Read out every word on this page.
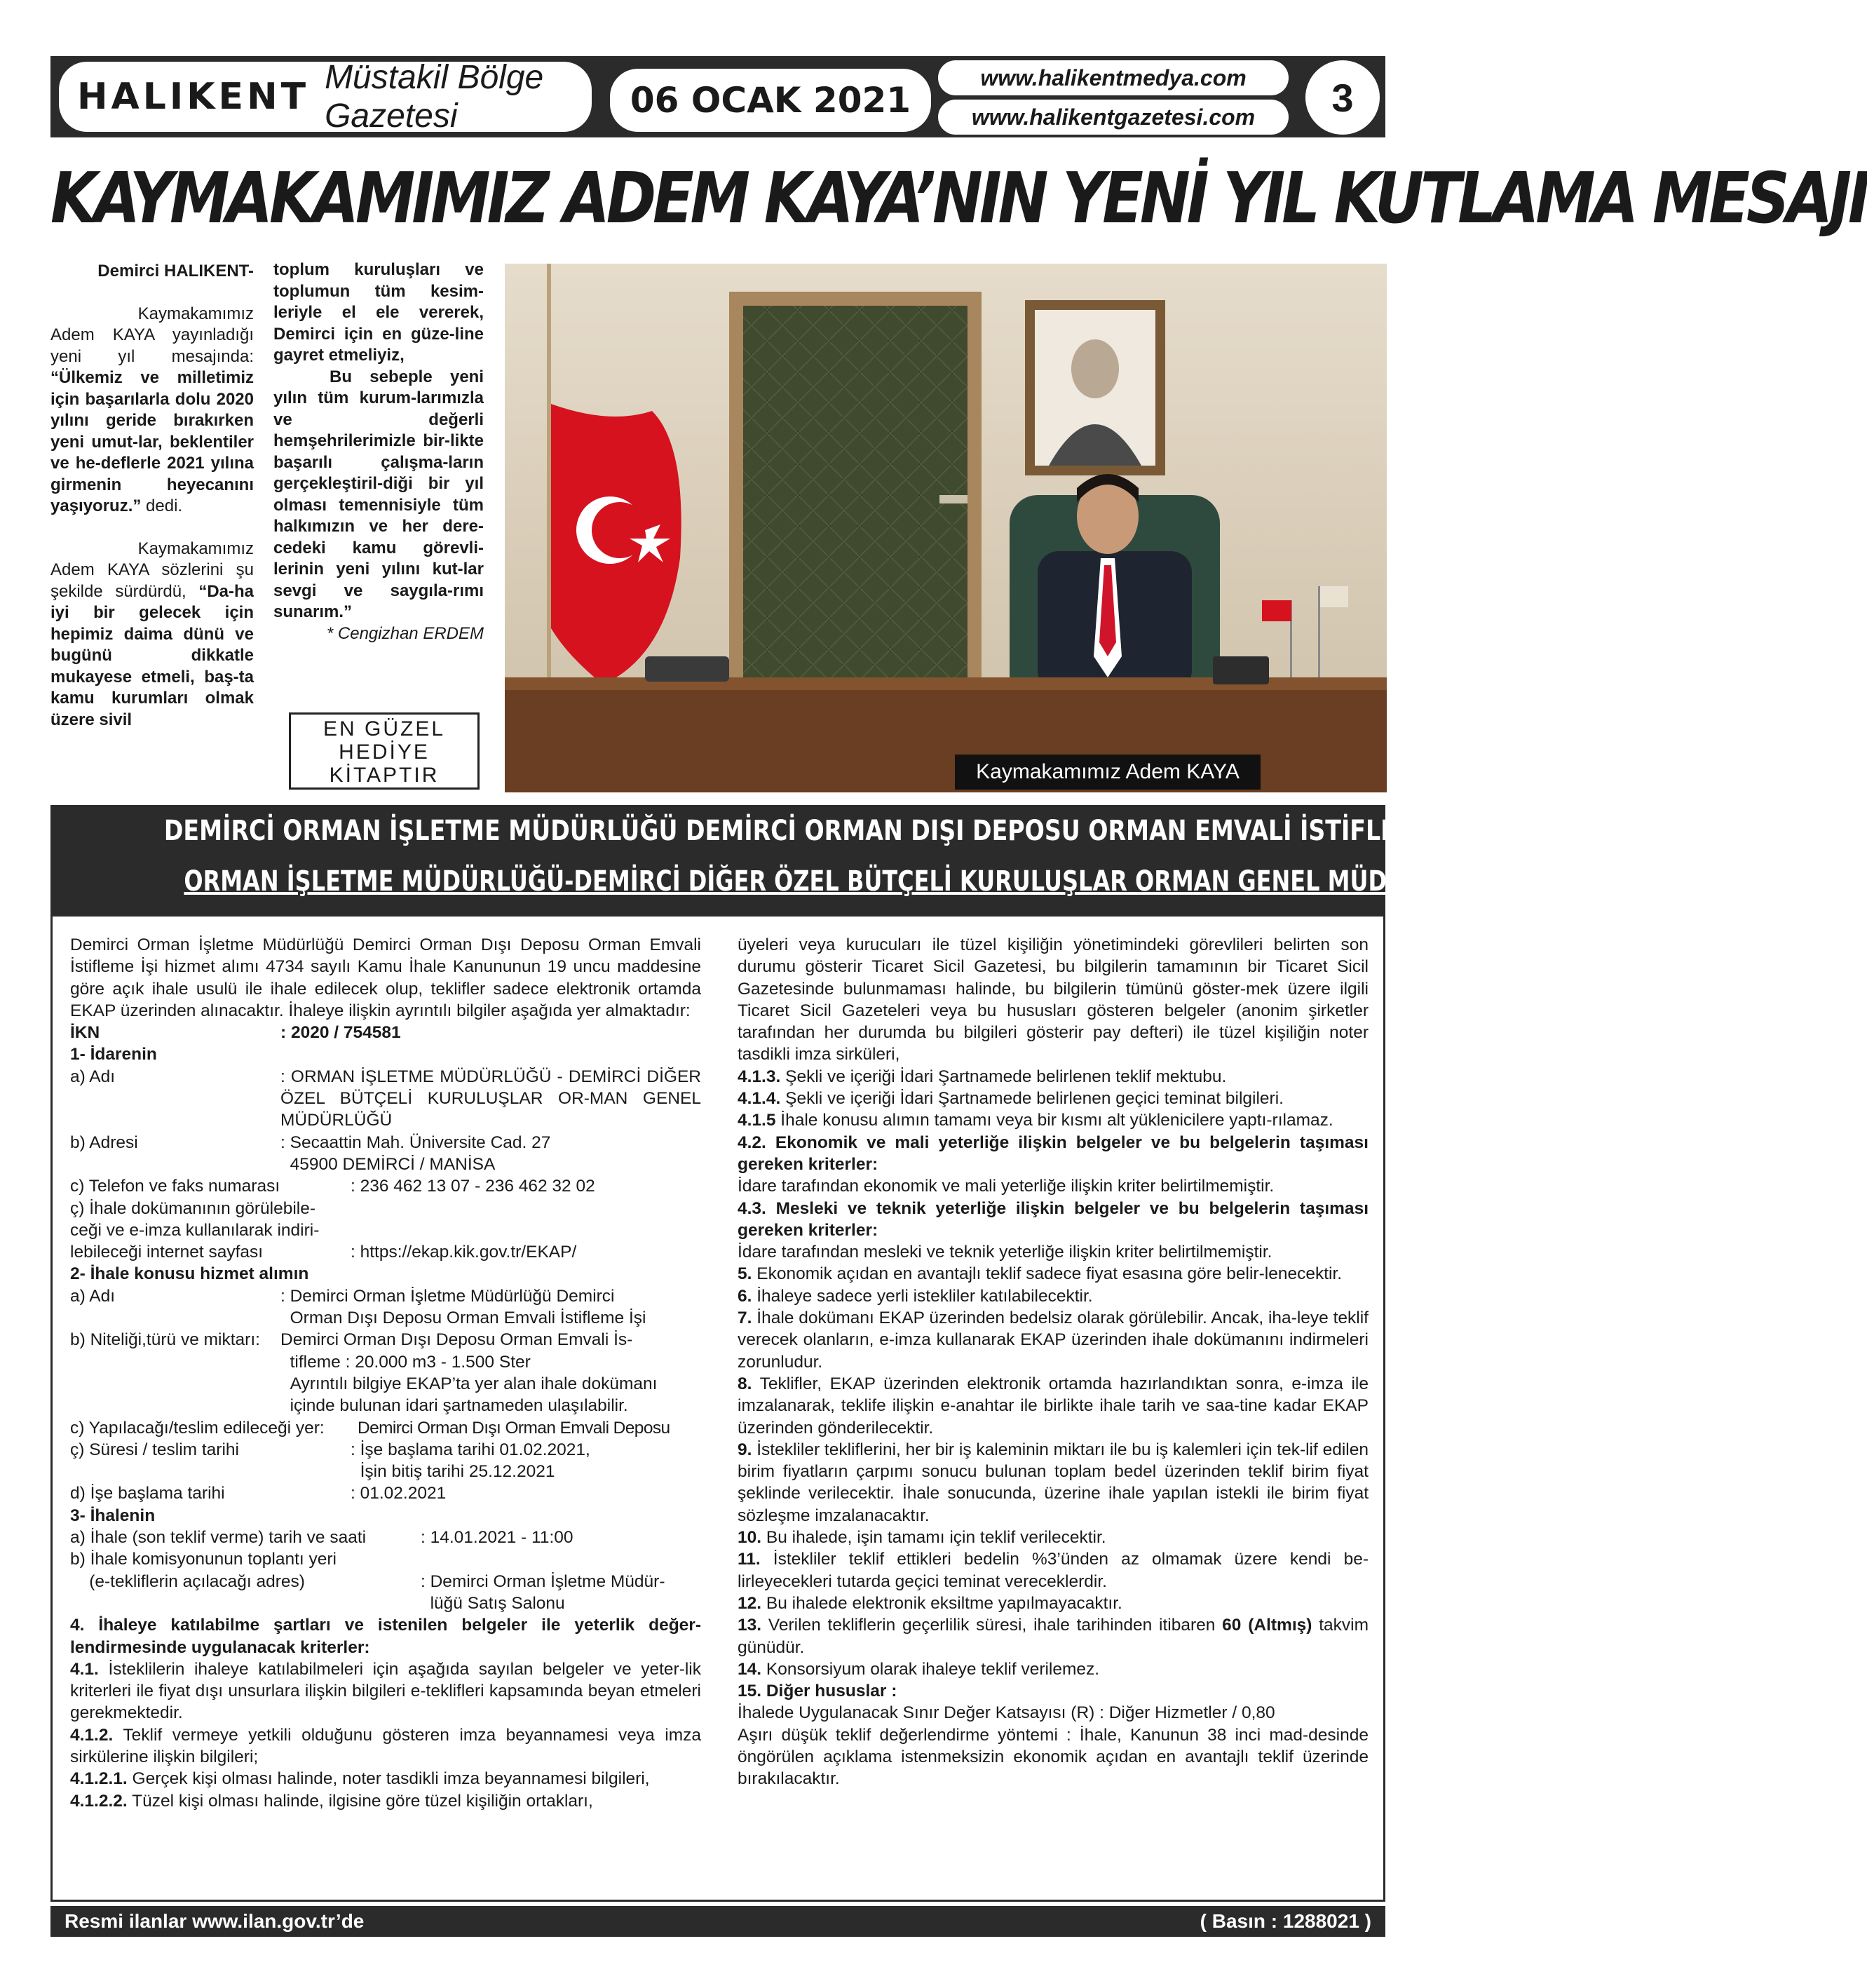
HALIKENT Müstakil Bölge Gazetesi	06 OCAK 2021
www.halikentmedya.com
www.halikentgazetesi.com	3
KAYMAKAMIMIZ ADEM KAYA’NIN YENİ YIL KUTLAMA MESAJI

Demirci HALIKENT-

Kaymakamımız

Adem KAYA yayınladığı yeni yıl mesajında: “Ülkemiz ve milletimiz için başarılarla dolu 2020 yılını geride bırakırken yeni umut-lar, beklentiler ve he-deflerle 2021 yılına girmenin heyecanını yaşıyoruz.” dedi.

Kaymakamımız

Adem KAYA sözlerini şu şekilde sürdürdü, “Da-ha iyi bir gelecek için hepimiz daima dünü ve bugünü dikkatle mukayese etmeli, baş-ta kamu kurumları olmak üzere sivil

toplum kuruluşları ve toplumun tüm kesim-leriyle el ele vererek, Demirci için en güze-line gayret etmeliyiz,

Bu sebeple yeni yılın tüm kurum-larımızla ve değerli hemşehrilerimizle bir-likte başarılı çalışma-ların gerçekleştiril-diği bir yıl olması temennisiyle tüm halkımızın ve her dere-cedeki kamu görevli-lerinin yeni yılını kut-lar sevgi ve saygıla-rımı sunarım.”

* Cengizhan ERDEM

EN GÜZEL
HEDİYE
KİTAPTIR	Kaymakamımız Adem KAYA
DEMİRCİ ORMAN İŞLETME MÜDÜRLÜĞÜ DEMİRCİ ORMAN DIŞI DEPOSU ORMAN EMVALİ İSTİFLEME İŞİ
ORMAN İŞLETME MÜDÜRLÜĞÜ-DEMİRCİ DİĞER ÖZEL BÜTÇELİ KURULUŞLAR ORMAN GENEL MÜDÜRLÜĞÜ

Demirci Orman İşletme Müdürlüğü Demirci Orman Dışı Deposu Orman Emvali İstifleme İşi hizmet alımı 4734 sayılı Kamu İhale Kanununun 19 uncu maddesine göre açık ihale usulü ile ihale edilecek olup, teklifler sadece elektronik ortamda EKAP üzerinden alınacaktır. İhaleye ilişkin ayrıntılı bilgiler aşağıda yer almaktadır:

İKN	: 2020 / 754581

1- İdarenin

a) Adı	: ORMAN İŞLETME MÜDÜRLÜĞÜ - DEMİRCİ DİĞER ÖZEL BÜTÇELİ KURULUŞLAR OR-MAN GENEL MÜDÜRLÜĞÜ
b) Adresi	: Secaattin Mah. Üniversite Cad. 27
45900 DEMİRCİ / MANİSA
c) Telefon ve faks numarası	: 236 462 13 07 - 236 462 32 02
ç) İhale dokümanının görülebile-
ceği ve e-imza kullanılarak indiri-
lebileceği internet sayfası	: https://ekap.kik.gov.tr/EKAP/

2- İhale konusu hizmet alımın

a) Adı	: Demirci Orman İşletme Müdürlüğü Demirci
Orman Dışı Deposu Orman Emvali İstifleme İşi
b) Niteliği,türü ve miktarı:	Demirci Orman Dışı Deposu Orman Emvali İs-
tifleme : 20.000 m3 - 1.500 Ster
Ayrıntılı bilgiye EKAP’ta yer alan ihale dokümanı
içinde bulunan idari şartnameden ulaşılabilir.
c) Yapılacağı/teslim edileceği yer:	Demirci Orman Dışı Orman Emvali Deposu
ç) Süresi / teslim tarihi	: İşe başlama tarihi 01.02.2021,
İşin bitiş tarihi 25.12.2021
d) İşe başlama tarihi	: 01.02.2021

3- İhalenin

a) İhale (son teklif verme) tarih ve saati	: 14.01.2021 - 11:00

b) İhale komisyonunun toplantı yeri

(e-tekliflerin açılacağı adres)	: Demirci Orman İşletme Müdür-
lüğü Satış Salonu

4. İhaleye katılabilme şartları ve istenilen belgeler ile yeterlik değer-lendirmesinde uygulanacak kriterler:

4.1. İsteklilerin ihaleye katılabilmeleri için aşağıda sayılan belgeler ve yeter-lik kriterleri ile fiyat dışı unsurlara ilişkin bilgileri e-teklifleri kapsamında beyan etmeleri gerekmektedir.

4.1.2. Teklif vermeye yetkili olduğunu gösteren imza beyannamesi veya imza sirkülerine ilişkin bilgileri;

4.1.2.1. Gerçek kişi olması halinde, noter tasdikli imza beyannamesi bilgileri,

4.1.2.2. Tüzel kişi olması halinde, ilgisine göre tüzel kişiliğin ortakları,

üyeleri veya kurucuları ile tüzel kişiliğin yönetimindeki görevlileri belirten son durumu gösterir Ticaret Sicil Gazetesi, bu bilgilerin tamamının bir Ticaret Sicil Gazetesinde bulunmaması halinde, bu bilgilerin tümünü göster-mek üzere ilgili Ticaret Sicil Gazeteleri veya bu hususları gösteren belgeler (anonim şirketler tarafından her durumda bu bilgileri gösterir pay defteri) ile tüzel kişiliğin noter tasdikli imza sirküleri,

4.1.3. Şekli ve içeriği İdari Şartnamede belirlenen teklif mektubu.

4.1.4. Şekli ve içeriği İdari Şartnamede belirlenen geçici teminat bilgileri.

4.1.5 İhale konusu alımın tamamı veya bir kısmı alt yüklenicilere yaptı-rılamaz.

4.2. Ekonomik ve mali yeterliğe ilişkin belgeler ve bu belgelerin taşıması gereken kriterler:

İdare tarafından ekonomik ve mali yeterliğe ilişkin kriter belirtilmemiştir.

4.3. Mesleki ve teknik yeterliğe ilişkin belgeler ve bu belgelerin taşıması gereken kriterler:

İdare tarafından mesleki ve teknik yeterliğe ilişkin kriter belirtilmemiştir.

5. Ekonomik açıdan en avantajlı teklif sadece fiyat esasına göre belir-lenecektir.

6. İhaleye sadece yerli istekliler katılabilecektir.

7. İhale dokümanı EKAP üzerinden bedelsiz olarak görülebilir. Ancak, iha-leye teklif verecek olanların, e-imza kullanarak EKAP üzerinden ihale dokümanını indirmeleri zorunludur.

8. Teklifler, EKAP üzerinden elektronik ortamda hazırlandıktan sonra, e-imza ile imzalanarak, teklife ilişkin e-anahtar ile birlikte ihale tarih ve saa-tine kadar EKAP üzerinden gönderilecektir.

9. İstekliler tekliflerini, her bir iş kaleminin miktarı ile bu iş kalemleri için tek-lif edilen birim fiyatların çarpımı sonucu bulunan toplam bedel üzerinden teklif birim fiyat şeklinde verilecektir. İhale sonucunda, üzerine ihale yapılan istekli ile birim fiyat sözleşme imzalanacaktır.

10. Bu ihalede, işin tamamı için teklif verilecektir.

11. İstekliler teklif ettikleri bedelin %3’ünden az olmamak üzere kendi be-lirleyecekleri tutarda geçici teminat vereceklerdir.

12. Bu ihalede elektronik eksiltme yapılmayacaktır.

13. Verilen tekliflerin geçerlilik süresi, ihale tarihinden itibaren 60 (Altmış) takvim günüdür.

14. Konsorsiyum olarak ihaleye teklif verilemez.

15. Diğer hususlar :

İhalede Uygulanacak Sınır Değer Katsayısı (R) : Diğer Hizmetler / 0,80

Aşırı düşük teklif değerlendirme yöntemi : İhale, Kanunun 38 inci mad-desinde öngörülen açıklama istenmeksizin ekonomik açıdan en avantajlı teklif üzerinde bırakılacaktır.

Resmi ilanlar www.ilan.gov.tr’de	( Basın : 1288021 )
